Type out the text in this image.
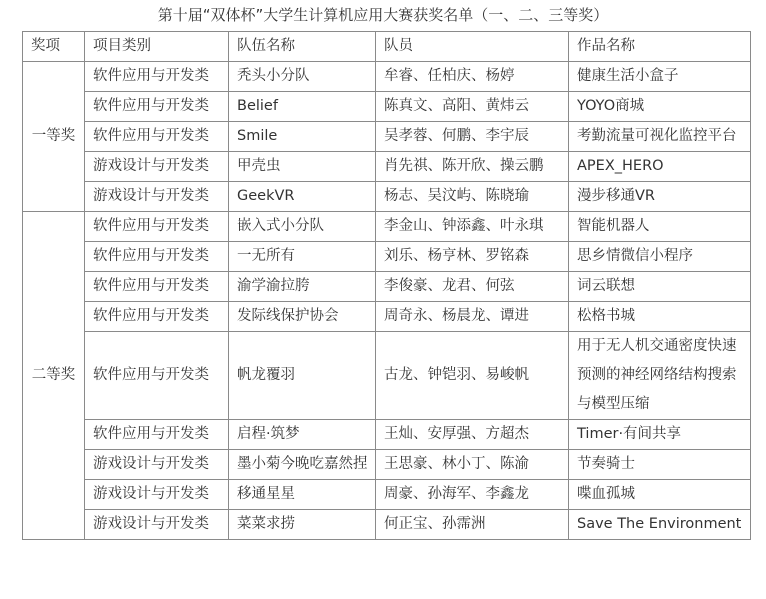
第十届“双体杯”大学生计算机应用大赛获奖名单（一、二、三等奖）
奖项	项目类别	队伍名称	队员	作品名称
一等奖	软件应用与开发类	秃头小分队	牟睿、任柏庆、杨婷	健康生活小盒子
	软件应用与开发类	Belief	陈真文、高阳、黄炜云	YOYO商城
	软件应用与开发类	Smile	吴孝蓉、何鹏、李宇辰	考勤流量可视化监控平台
	游戏设计与开发类	甲壳虫	肖先祺、陈开欣、操云鹏	APEX_HERO
	游戏设计与开发类	GeekVR	杨志、吴汶屿、陈晓瑜	漫步移通VR
二等奖	软件应用与开发类	嵌入式小分队	李金山、钟添鑫、叶永琪	智能机器人
	软件应用与开发类	一无所有	刘乐、杨亨林、罗铭森	思乡情微信小程序
	软件应用与开发类	渝学渝拉胯	李俊豪、龙君、何弦	词云联想
	软件应用与开发类	发际线保护协会	周奇永、杨晨龙、谭进	松格书城
	软件应用与开发类	帆龙覆羽	古龙、钟铠羽、易峻帆	用于无人机交通密度快速预测的神经网络结构搜索与模型压缩
	软件应用与开发类	启程·筑梦	王灿、安厚强、方超杰	Timer·有间共享
	游戏设计与开发类	墨小菊今晚吃嘉然捏	王思豪、林小丁、陈渝	节奏骑士
	游戏设计与开发类	移通星星	周豪、孙海军、李鑫龙	喋血孤城
	游戏设计与开发类	菜菜求捞	何正宝、孙霈洲	Save The Environment
